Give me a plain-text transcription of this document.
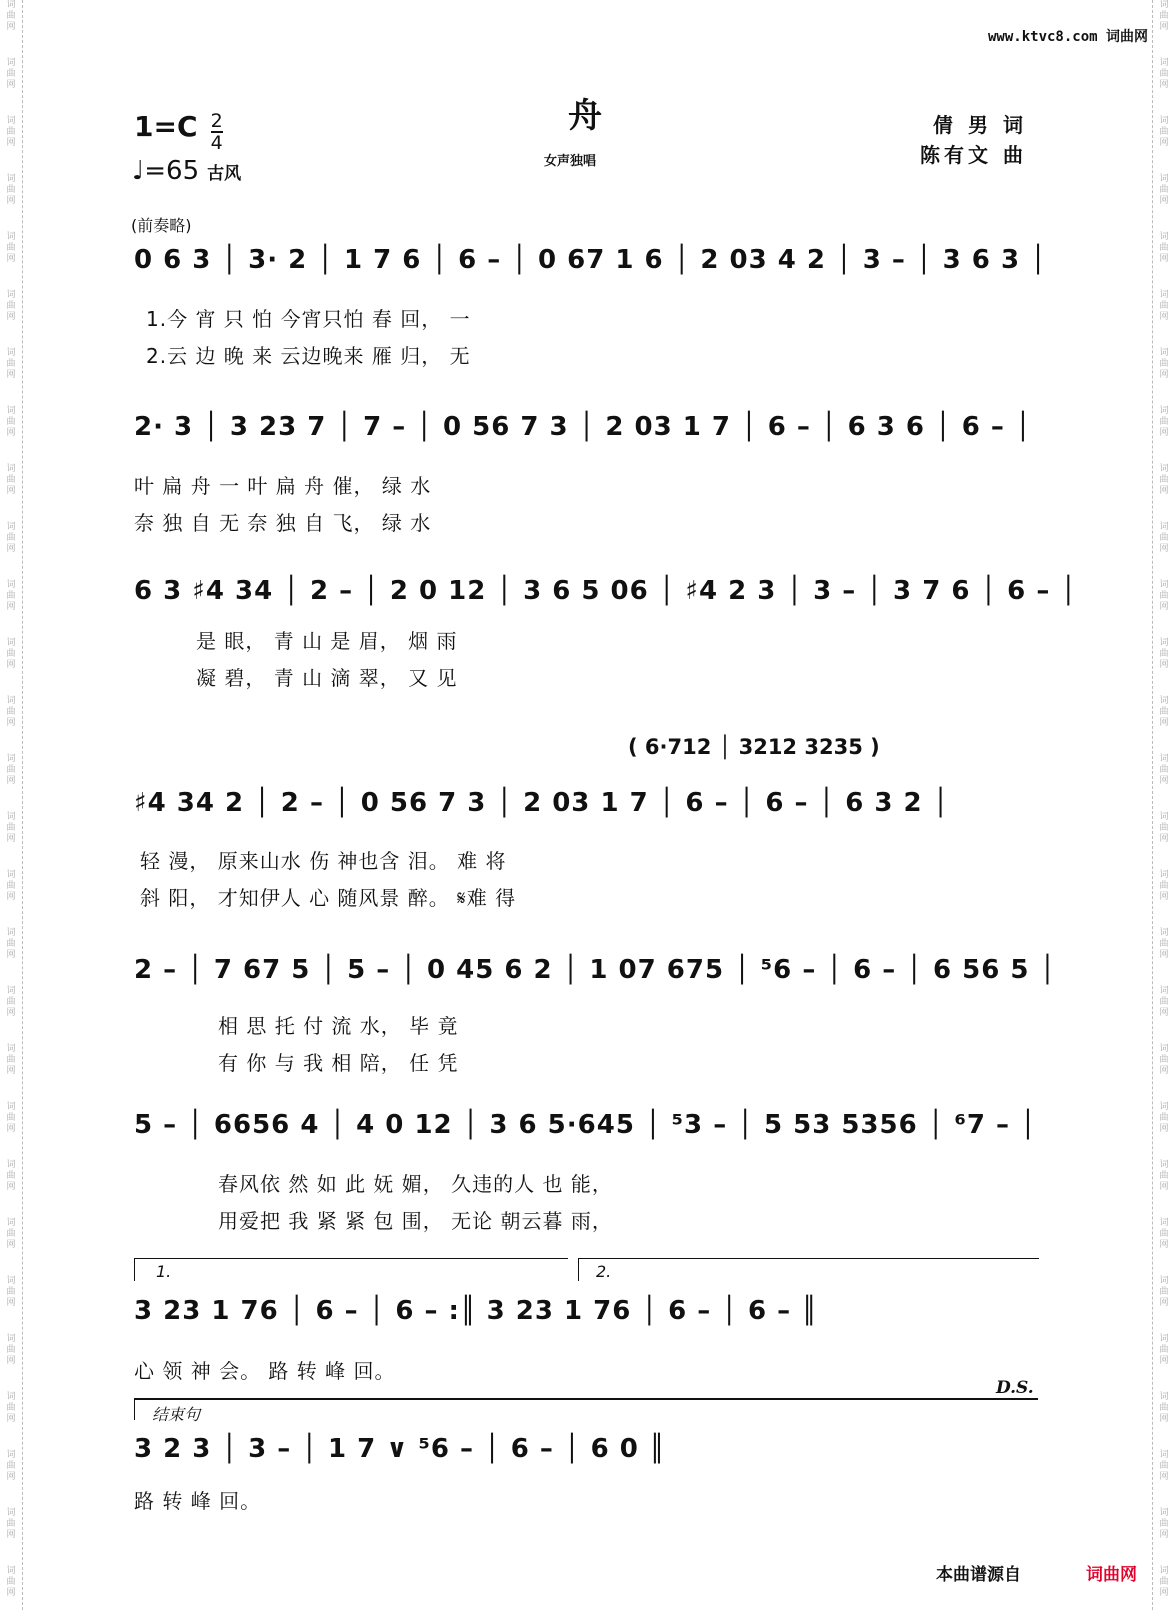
词曲网
词曲网
词曲网
词曲网
词曲网
词曲网
词曲网
词曲网
词曲网
词曲网
词曲网
词曲网
词曲网
词曲网
词曲网
词曲网
词曲网
词曲网
词曲网
词曲网
词曲网
词曲网
词曲网
词曲网
词曲网
词曲网
词曲网
词曲网
词曲网
词曲网
词曲网
词曲网
词曲网
词曲网
词曲网
词曲网
词曲网
词曲网
词曲网
词曲网
词曲网
词曲网
词曲网
词曲网
词曲网
词曲网
词曲网
词曲网
词曲网
词曲网
词曲网
词曲网
词曲网
词曲网
词曲网
词曲网
www.ktvc8.com 词曲网
舟
女声独唱
$1=C \frac{2}{4}$
♩=65 古风
倩 男 词
陈有文 曲
(前奏略)
0 6 3 │ 3· 2 │ 1 7 6 │ 6 – │ 0 67 1 6 │ 2 03 4 2 │ 3 – │ 3 6 3 │
1.今 宵 只 怕 今宵只怕 春 回， 一
2.云 边 晚 来 云边晚来 雁 归， 无
2· 3 │ 3 23 7 │ 7 – │ 0 56 7 3 │ 2 03 1 7 │ 6 – │ 6 3 6 │ 6 – │
叶 扁 舟 一 叶 扁 舟 催， 绿 水
奈 独 自 无 奈 独 自 飞， 绿 水
6 3 ♯4 34 │ 2 – │ 2 0 12 │ 3 6 5 06 │ ♯4 2 3 │ 3 – │ 3 7 6 │ 6 – │
是 眼， 青 山 是 眉， 烟 雨
凝 碧， 青 山 滴 翠， 又 见
( 6·712 │ 3212 3235 )
♯4 34 2 │ 2 – │ 0 56 7 3 │ 2 03 1 7 │ 6 – │ 6 – │ 6 3 2 │
轻 漫， 原来山水 伤 神也含 泪。 难 将
斜 阳， 才知伊人 心 随风景 醉。 𝄋难 得
2 – │ 7 67 5 │ 5 – │ 0 45 6 2 │ 1 07 675 │ ⁵6 – │ 6 – │ 6 56 5 │
相 思 托 付 流 水， 毕 竟
有 你 与 我 相 陪， 任 凭
5 – │ 6656 4 │ 4 0 12 │ 3 6 5·645 │ ⁵3 – │ 5 53 5356 │ ⁶7 – │
春风依 然 如 此 妩 媚， 久违的人 也 能，
用爱把 我 紧 紧 包 围， 无论 朝云暮 雨，
1.	2.
3 23 1 76 │ 6 – │ 6 – :║ 3 23 1 76 │ 6 – │ 6 – ║
心 领 神 会。 路 转 峰 回。
结束句
D.S.
3 2 3 │ 3 – │ 1 7 ∨ ⁵6 – │ 6 – │ 6 0 ║
路 转 峰 回。
本曲谱源自	词曲网
